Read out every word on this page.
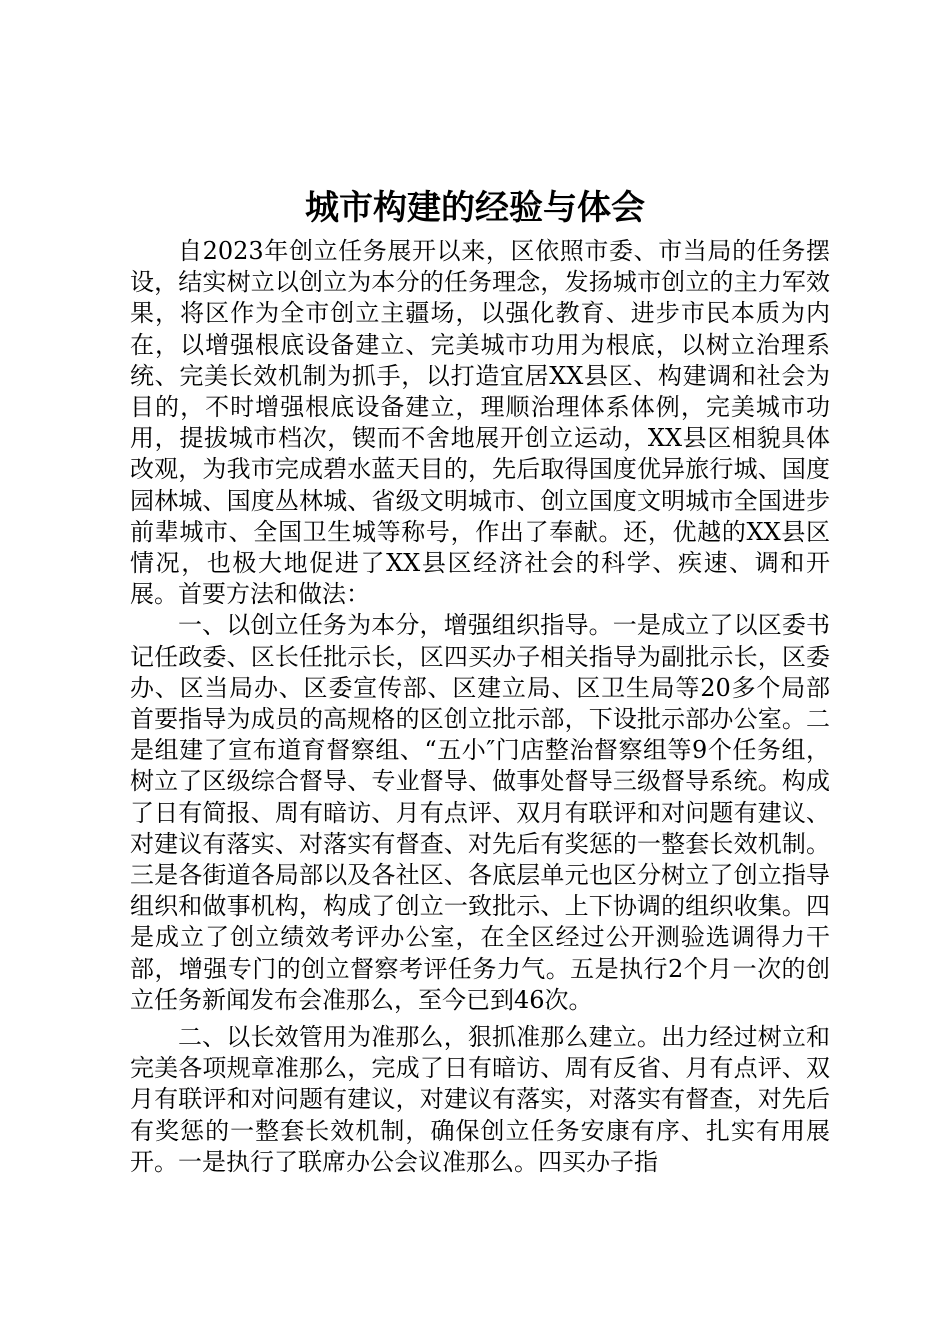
城市构建的经验与体会

自2023年创立任务展开以来，区依照市委、市当局的任务摆设，结实树立以创立为本分的任务理念，发扬城市创立的主力军效果，将区作为全市创立主疆场，以强化教育、进步市民本质为内在，以增强根底设备建立、完美城市功用为根底，以树立治理系统、完美长效机制为抓手，以打造宜居XX县区、构建调和社会为目的，不时增强根底设备建立，理顺治理体系体例，完美城市功用，提拔城市档次，锲而不舍地展开创立运动，XX县区相貌具体改观，为我市完成碧水蓝天目的，先后取得国度优异旅行城、国度园林城、国度丛林城、省级文明城市、创立国度文明城市全国进步前辈城市、全国卫生城等称号，作出了奉献。还，优越的XX县区情况，也极大地促进了XX县区经济社会的科学、疾速、调和开展。首要方法和做法：

一、以创立任务为本分，增强组织指导。一是成立了以区委书记任政委、区长任批示长，区四买办子相关指导为副批示长，区委办、区当局办、区委宣传部、区建立局、区卫生局等20多个局部首要指导为成员的高规格的区创立批示部，下设批示部办公室。二是组建了宣布道育督察组、“五小″门店整治督察组等9个任务组，树立了区级综合督导、专业督导、做事处督导三级督导系统。构成了日有简报、周有暗访、月有点评、双月有联评和对问题有建议、对建议有落实、对落实有督查、对先后有奖惩的一整套长效机制。三是各街道各局部以及各社区、各底层单元也区分树立了创立指导组织和做事机构，构成了创立一致批示、上下协调的组织收集。四是成立了创立绩效考评办公室，在全区经过公开测验选调得力干部，增强专门的创立督察考评任务力气。五是执行2个月一次的创立任务新闻发布会准那么，至今已到46次。

二、以长效管用为准那么，狠抓准那么建立。出力经过树立和完美各项规章准那么，完成了日有暗访、周有反省、月有点评、双月有联评和对问题有建议，对建议有落实，对落实有督查，对先后有奖惩的一整套长效机制，确保创立任务安康有序、扎实有用展开。一是执行了联席办公会议准那么。四买办子指
